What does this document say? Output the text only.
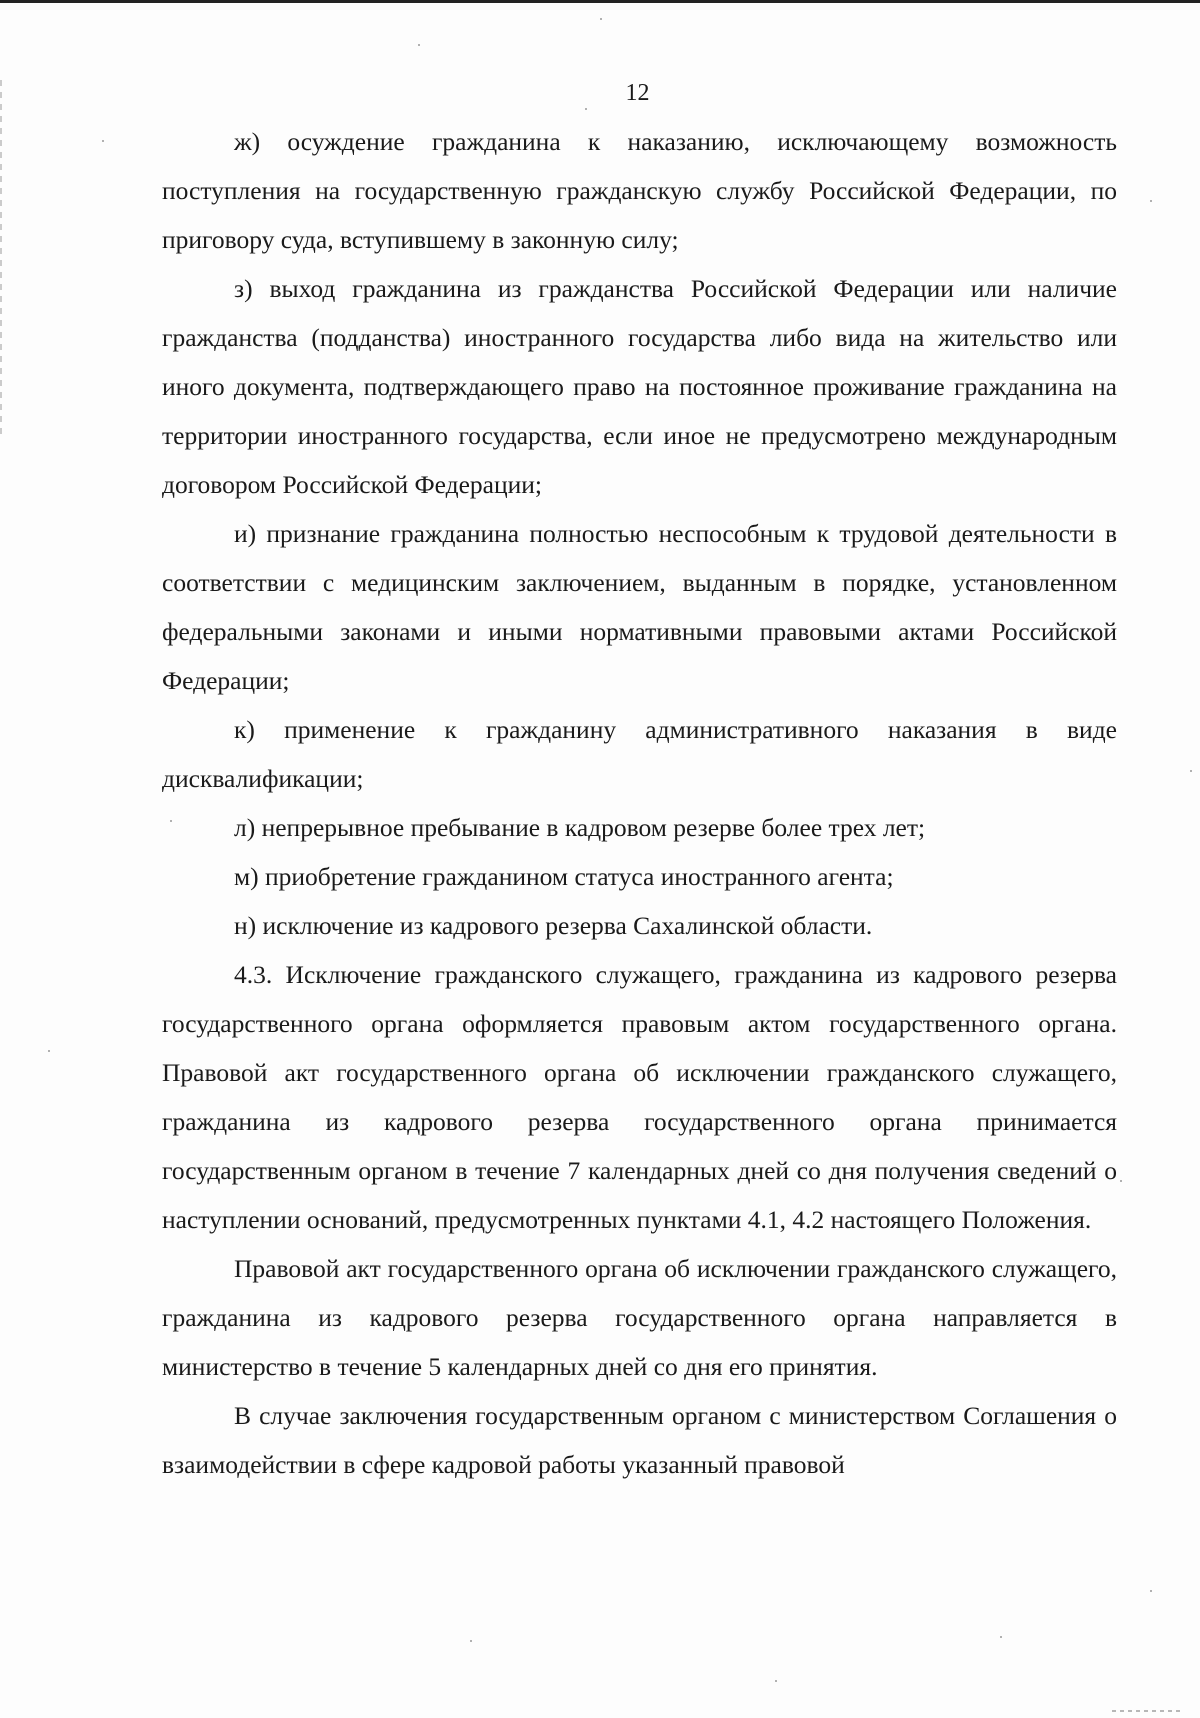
12

ж) осуждение гражданина к наказанию, исключающему возможность поступления на государственную гражданскую службу Российской Федерации, по приговору суда, вступившему в законную силу;

з) выход гражданина из гражданства Российской Федерации или наличие гражданства (подданства) иностранного государства либо вида на жительство или иного документа, подтверждающего право на постоянное проживание гражданина на территории иностранного государства, если иное не предусмотрено международным договором Российской Федерации;

и) признание гражданина полностью неспособным к трудовой деятельности в соответствии с медицинским заключением, выданным в порядке, установленном федеральными законами и иными нормативными правовыми актами Российской Федерации;

к) применение к гражданину административного наказания в виде дисквалификации;

л) непрерывное пребывание в кадровом резерве более трех лет;

м) приобретение гражданином статуса иностранного агента;

н) исключение из кадрового резерва Сахалинской области.

4.3. Исключение гражданского служащего, гражданина из кадрового резерва государственного органа оформляется правовым актом государственного органа. Правовой акт государственного органа об исключении гражданского служащего, гражданина из кадрового резерва государственного органа принимается государственным органом в течение 7 календарных дней со дня получения сведений о наступлении оснований, предусмотренных пунктами 4.1, 4.2 настоящего Положения.

Правовой акт государственного органа об исключении гражданского служащего, гражданина из кадрового резерва государственного органа направляется в министерство в течение 5 календарных дней со дня его принятия.

В случае заключения государственным органом с министерством Соглашения о взаимодействии в сфере кадровой работы указанный правовой
